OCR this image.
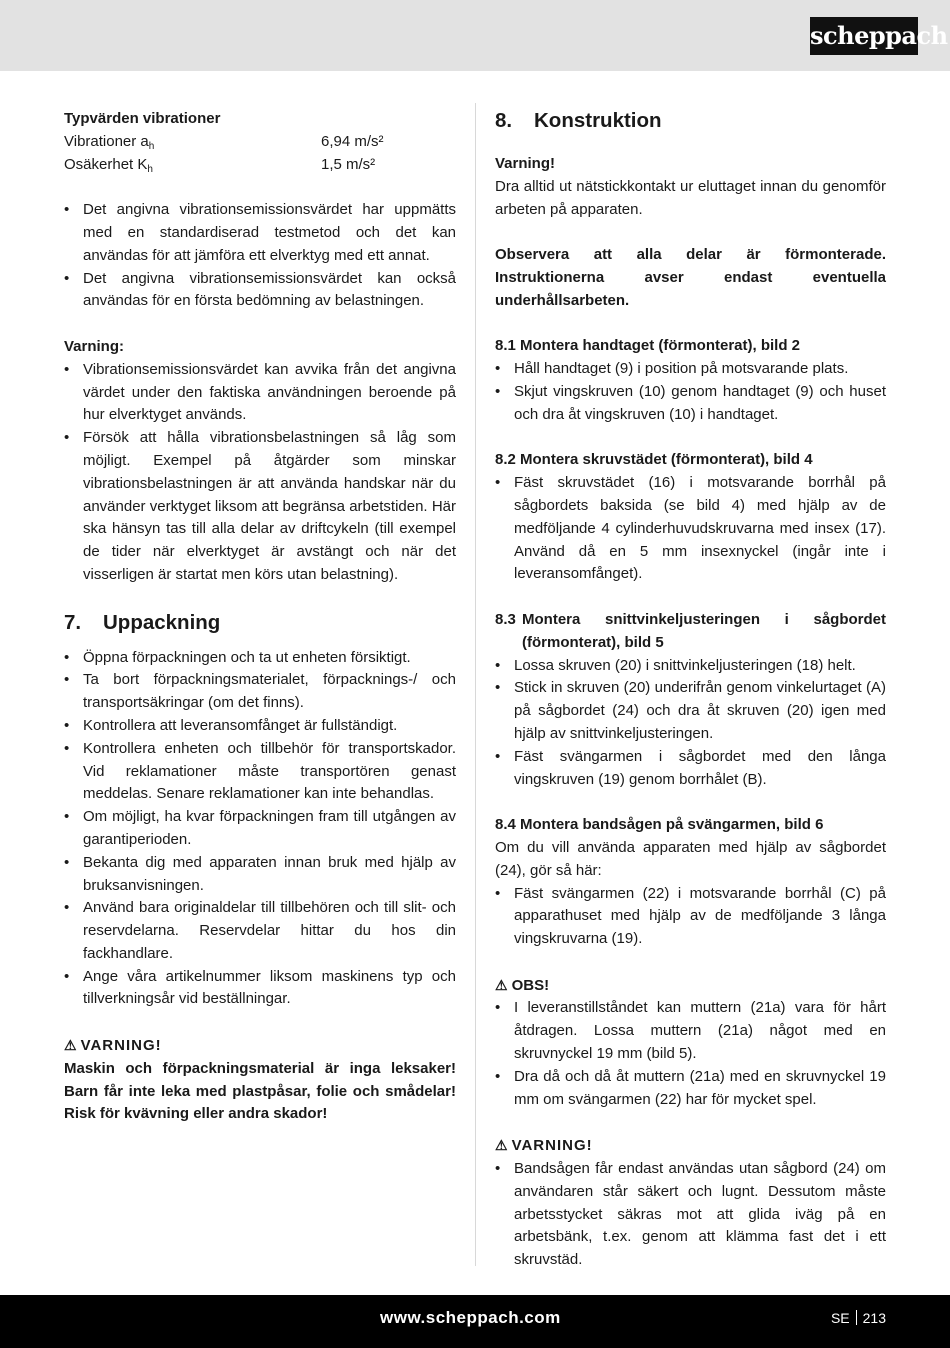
scheppach

Typvärden vibrationer

Vibrationer $a_h$	6,94 m/s²
Osäkerhet $K_h$	1,5 m/s²
• Det angivna vibrationsemissionsvärdet har uppmätts med en standardiserad testmetod och det kan användas för att jämföra ett elverktyg med ett annat.
• Det angivna vibrationsemissionsvärdet kan också användas för en första bedömning av belastningen.

Varning:

• Vibrationsemissionsvärdet kan avvika från det angivna värdet under den faktiska användningen beroende på hur elverktyget används.
• Försök att hålla vibrationsbelastningen så låg som möjligt. Exempel på åtgärder som minskar vibrationsbelastningen är att använda handskar när du använder verktyget liksom att begränsa arbetstiden. Här ska hänsyn tas till alla delar av driftcykeln (till exempel de tider när elverktyget är avstängt och när det visserligen är startat men körs utan belastning).
7. Uppackning
• Öppna förpackningen och ta ut enheten försiktigt.
• Ta bort förpackningsmaterialet, förpacknings-/ och transportsäkringar (om det finns).
• Kontrollera att leveransomfånget är fullständigt.
• Kontrollera enheten och tillbehör för transportskador. Vid reklamationer måste transportören genast meddelas. Senare reklamationer kan inte behandlas.
• Om möjligt, ha kvar förpackningen fram till utgången av garantiperioden.
• Bekanta dig med apparaten innan bruk med hjälp av bruksanvisningen.
• Använd bara originaldelar till tillbehören och till slit- och reservdelarna. Reservdelar hittar du hos din fackhandlare.
• Ange våra artikelnummer liksom maskinens typ och tillverkningsår vid beställningar.

⚠ VARNING!

Maskin och förpackningsmaterial är inga leksaker! Barn får inte leka med plastpåsar, folie och smådelar! Risk för kvävning eller andra skador!

8. Konstruktion

Varning!

Dra alltid ut nätstickkontakt ur eluttaget innan du genomför arbeten på apparaten.

Observera att alla delar är förmonterade. Instruktionerna avser endast eventuella underhållsarbeten.

8.1 Montera handtaget (förmonterat), bild 2

• Håll handtaget (9) i position på motsvarande plats.
• Skjut vingskruven (10) genom handtaget (9) och huset och dra åt vingskruven (10) i handtaget.

8.2 Montera skruvstädet (förmonterat), bild 4

• Fäst skruvstädet (16) i motsvarande borrhål på sågbordets baksida (se bild 4) med hjälp av de medföljande 4 cylinderhuvudskruvarna med insex (17). Använd då en 5 mm insexnyckel (ingår inte i leveransomfånget).
8.3 Montera snittvinkeljusteringen i sågbordet (förmonterat), bild 5
• Lossa skruven (20) i snittvinkeljusteringen (18) helt.
• Stick in skruven (20) underifrån genom vinkelurtaget (A) på sågbordet (24) och dra åt skruven (20) igen med hjälp av snittvinkeljusteringen.
• Fäst svängarmen i sågbordet med den långa vingskruven (19) genom borrhålet (B).

8.4 Montera bandsågen på svängarmen, bild 6

Om du vill använda apparaten med hjälp av sågbordet (24), gör så här:

• Fäst svängarmen (22) i motsvarande borrhål (C) på apparathuset med hjälp av de medföljande 3 långa vingskruvarna (19).

⚠ OBS!

• I leveranstillståndet kan muttern (21a) vara för hårt åtdragen. Lossa muttern (21a) något med en skruvnyckel 19 mm (bild 5).
• Dra då och då åt muttern (21a) med en skruvnyckel 19 mm om svängarmen (22) har för mycket spel.

⚠ VARNING!

• Bandsågen får endast användas utan sågbord (24) om användaren står säkert och lugnt. Dessutom måste arbetsstycket säkras mot att glida iväg på en arbetsbänk, t.ex. genom att klämma fast det i ett skruvstäd.
www.scheppach.com	SE 213
